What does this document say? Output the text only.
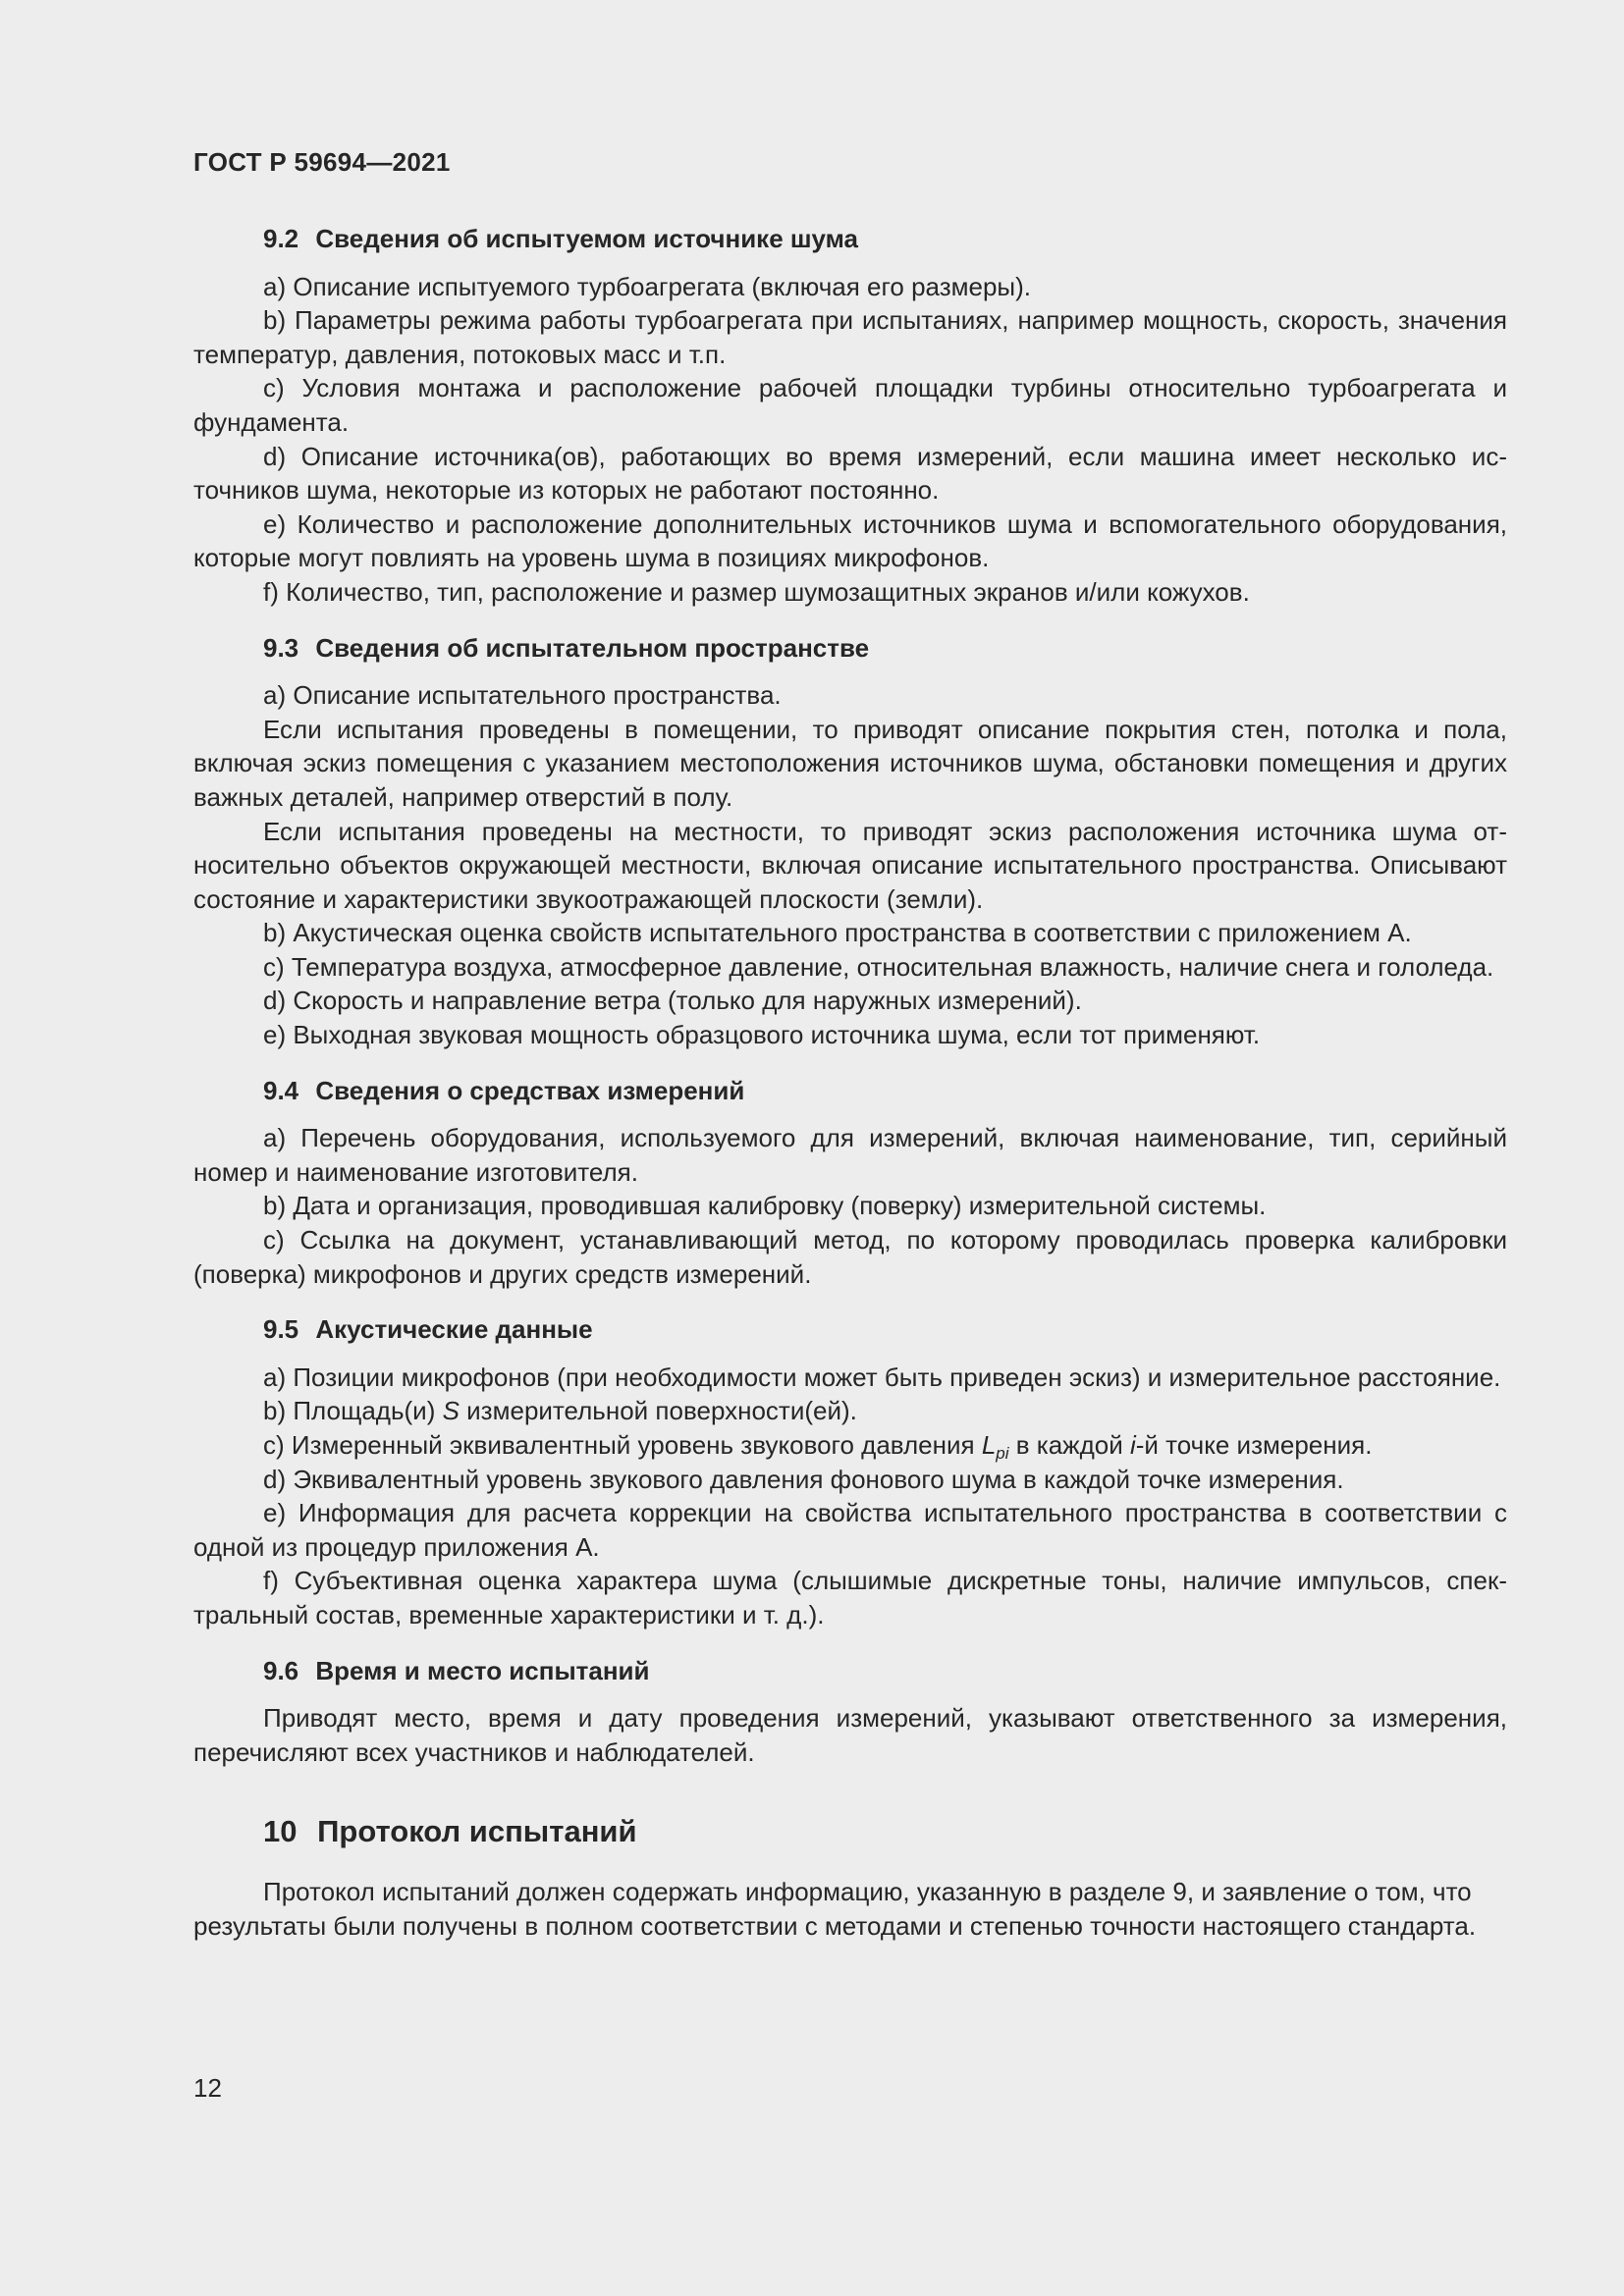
ГОСТ Р 59694—2021
9.2 Сведения об испытуемом источнике шума

a) Описание испытуемого турбоагрегата (включая его размеры).

b) Параметры режима работы турбоагрегата при испытаниях, например мощность, скорость, значения температур, давления, потоковых масс и т.п.

c) Условия монтажа и расположение рабочей площадки турбины относительно турбоагрегата и фундамента.

d) Описание источника(ов), работающих во время измерений, если машина имеет несколько источников шума, некоторые из которых не работают постоянно.

e) Количество и расположение дополнительных источников шума и вспомогательного оборудования, которые могут повлиять на уровень шума в позициях микрофонов.

f) Количество, тип, расположение и размер шумозащитных экранов и/или кожухов.

9.3 Сведения об испытательном пространстве

a) Описание испытательного пространства.

Если испытания проведены в помещении, то приводят описание покрытия стен, потолка и пола, включая эскиз помещения с указанием местоположения источников шума, обстановки помещения и других важных деталей, например отверстий в полу.

Если испытания проведены на местности, то приводят эскиз расположения источника шума относительно объектов окружающей местности, включая описание испытательного пространства. Описывают состояние и характеристики звукоотражающей плоскости (земли).

b) Акустическая оценка свойств испытательного пространства в соответствии с приложением А.

c) Температура воздуха, атмосферное давление, относительная влажность, наличие снега и гололеда.

d) Скорость и направление ветра (только для наружных измерений).

e) Выходная звуковая мощность образцового источника шума, если тот применяют.

9.4 Сведения о средствах измерений

a) Перечень оборудования, используемого для измерений, включая наименование, тип, серийный номер и наименование изготовителя.

b) Дата и организация, проводившая калибровку (поверку) измерительной системы.

c) Ссылка на документ, устанавливающий метод, по которому проводилась проверка калибровки (поверка) микрофонов и других средств измерений.

9.5 Акустические данные

a) Позиции микрофонов (при необходимости может быть приведен эскиз) и измерительное расстояние.

b) Площадь(и) S измерительной поверхности(ей).

c) Измеренный эквивалентный уровень звукового давления $L_{pi}$ в каждой i-й точке измерения.

d) Эквивалентный уровень звукового давления фонового шума в каждой точке измерения.

e) Информация для расчета коррекции на свойства испытательного пространства в соответствии с одной из процедур приложения А.

f) Субъективная оценка характера шума (слышимые дискретные тоны, наличие импульсов, спектральный состав, временные характеристики и т. д.).

9.6 Время и место испытаний

Приводят место, время и дату проведения измерений, указывают ответственного за измерения, перечисляют всех участников и наблюдателей.

10 Протокол испытаний

Протокол испытаний должен содержать информацию, указанную в разделе 9, и заявление о том, что результаты были получены в полном соответствии с методами и степенью точности настоящего стандарта.

12
